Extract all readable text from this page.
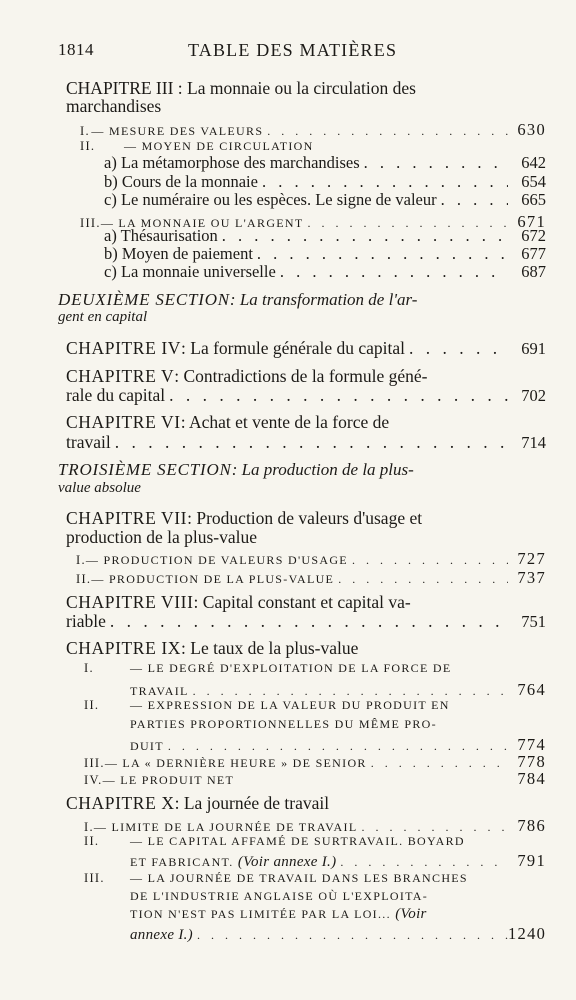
1814	TABLE DES MATIÈRES
CHAPITRE III : La monnaie ou la circulation des
marchandises
I. — MESURE DES VALEURS . . .	630
II.	— MOYEN DE CIRCULATION
a) La métamorphose des marchandises . . .	642
b) Cours de la monnaie . . .	654
c) Le numéraire ou les espèces. Le signe de valeur . . .	665
III. — LA MONNAIE OU L'ARGENT . . .	671
a) Thésaurisation . . .	672
b) Moyen de paiement . . .	677
c) La monnaie universelle . . .	687
DEUXIÈME SECTION : La transformation de l'ar-
gent en capital
CHAPITRE IV : La formule générale du capital . . .	691
CHAPITRE V : Contradictions de la formule géné-
rale du capital . . .	702
CHAPITRE VI : Achat et vente de la force de
travail . . .	714
TROISIÈME SECTION : La production de la plus-
value absolue
CHAPITRE VII : Production de valeurs d'usage et
production de la plus-value
I. — PRODUCTION DE VALEURS D'USAGE . . .	727
II. — PRODUCTION DE LA PLUS-VALUE . . .	737
CHAPITRE VIII : Capital constant et capital va-
riable . . .	751
CHAPITRE IX : Le taux de la plus-value
I.	— LE DEGRÉ D'EXPLOITATION DE LA FORCE DE
TRAVAIL . . .	764
II.	— EXPRESSION DE LA VALEUR DU PRODUIT EN
PARTIES PROPORTIONNELLES DU MÊME PRO-
DUIT . . .	774
III. — LA « DERNIÈRE HEURE » DE SENIOR . . .	778
IV. — LE PRODUIT NET	784
CHAPITRE X : La journée de travail
I. — LIMITE DE LA JOURNÉE DE TRAVAIL . . .	786
II.	— LE CAPITAL AFFAMÉ DE SURTRAVAIL. BOYARD
ET FABRICANT.
(Voir annexe I.) . . .	791
III.	— LA JOURNÉE DE TRAVAIL DANS LES BRANCHES
DE L'INDUSTRIE ANGLAISE OÙ L'EXPLOITA-
TION N'EST PAS LIMITÉE PAR LA LOI...
(Voir
annexe I.) . . .	1240
